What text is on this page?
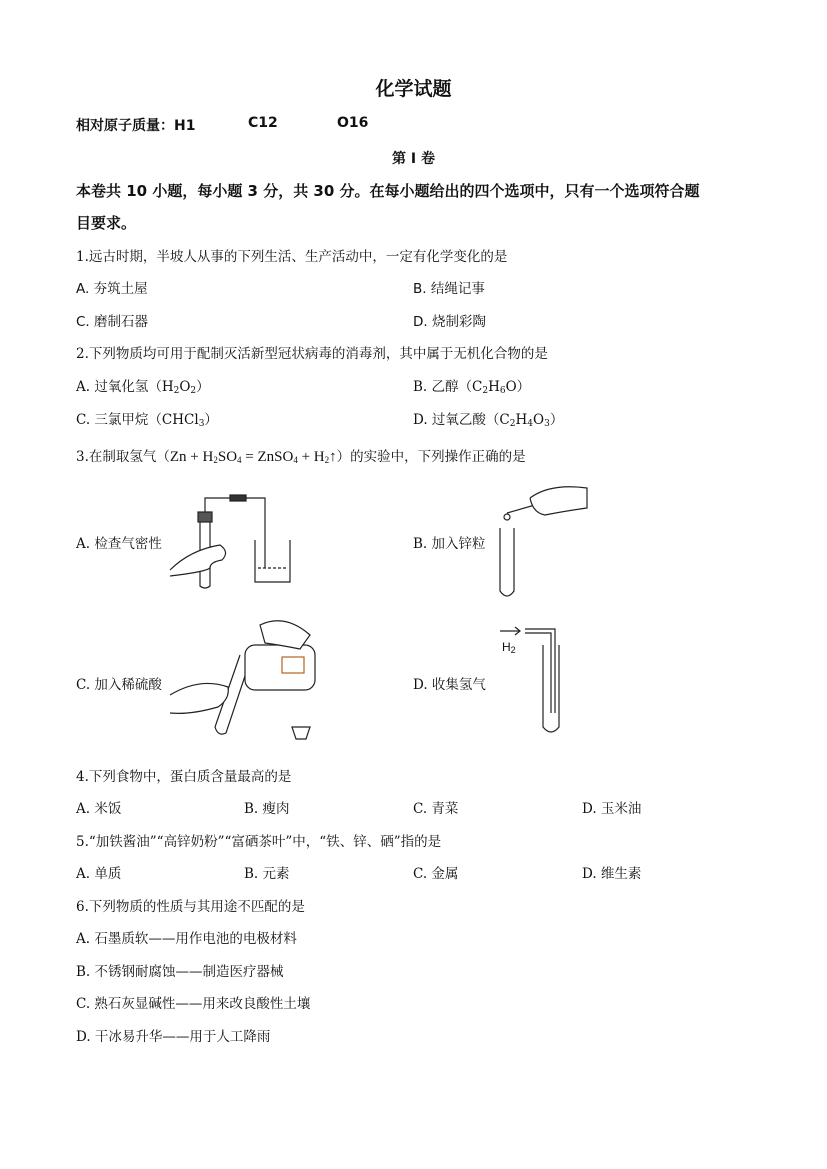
化学试题
相对原子质量：H1	C12	O16
第 I 卷
本卷共 10 小题，每小题 3 分，共 30 分。在每小题给出的四个选项中，只有一个选项符合题
目要求。
1.远古时期，半坡人从事的下列生活、生产活动中，一定有化学变化的是
A. 夯筑土屋	B. 结绳记事
C. 磨制石器	D. 烧制彩陶
2.下列物质均可用于配制灭活新型冠状病毒的消毒剂，其中属于无机化合物的是
A. 过氧化氢$(H_2O_2)$	B. 乙醇$(C_2H_6O)$
C. 三氯甲烷（CHCl$_3$）	D. 过氧乙酸$(C_2H_4O_3)$
3.在制取氢气（$Zn + H_2SO_4$ = ZnSO$_4$ + $H_2↑$）的实验中，下列操作正确的是
A. 检查气密性	B. 加入锌粒
C. 加入稀硫酸	D. 收集氢气
$H_2$
4.下列食物中，蛋白质含量最高的是
A. 米饭	B. 瘦肉	C. 青菜	D. 玉米油
5.“加铁酱油”“高锌奶粉”“富硒茶叶”中，“铁、锌、硒”指的是
A. 单质	B. 元素	C. 金属	D. 维生素
6.下列物质的性质与其用途不匹配的是
A. 石墨质软——用作电池的电极材料
B. 不锈钢耐腐蚀——制造医疗器械
C. 熟石灰显碱性——用来改良酸性土壤
D. 干冰易升华——用于人工降雨
